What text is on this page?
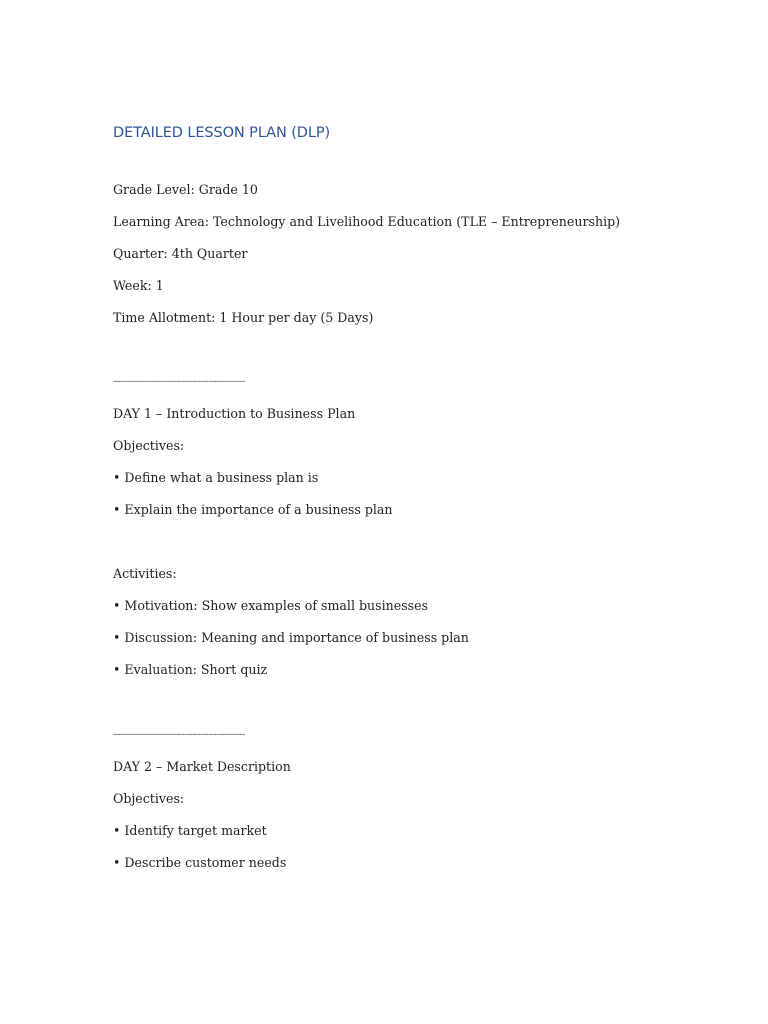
DETAILED LESSON PLAN (DLP)
Grade Level: Grade 10
Learning Area: Technology and Livelihood Education (TLE – Entrepreneurship)
Quarter: 4th Quarter
Week: 1
Time Allotment: 1 Hour per day (5 Days)
--------------------------------------------------
DAY 1 – Introduction to Business Plan
Objectives:
• Define what a business plan is
• Explain the importance of a business plan
Activities:
• Motivation: Show examples of small businesses
• Discussion: Meaning and importance of business plan
• Evaluation: Short quiz
--------------------------------------------------
DAY 2 – Market Description
Objectives:
• Identify target market
• Describe customer needs
